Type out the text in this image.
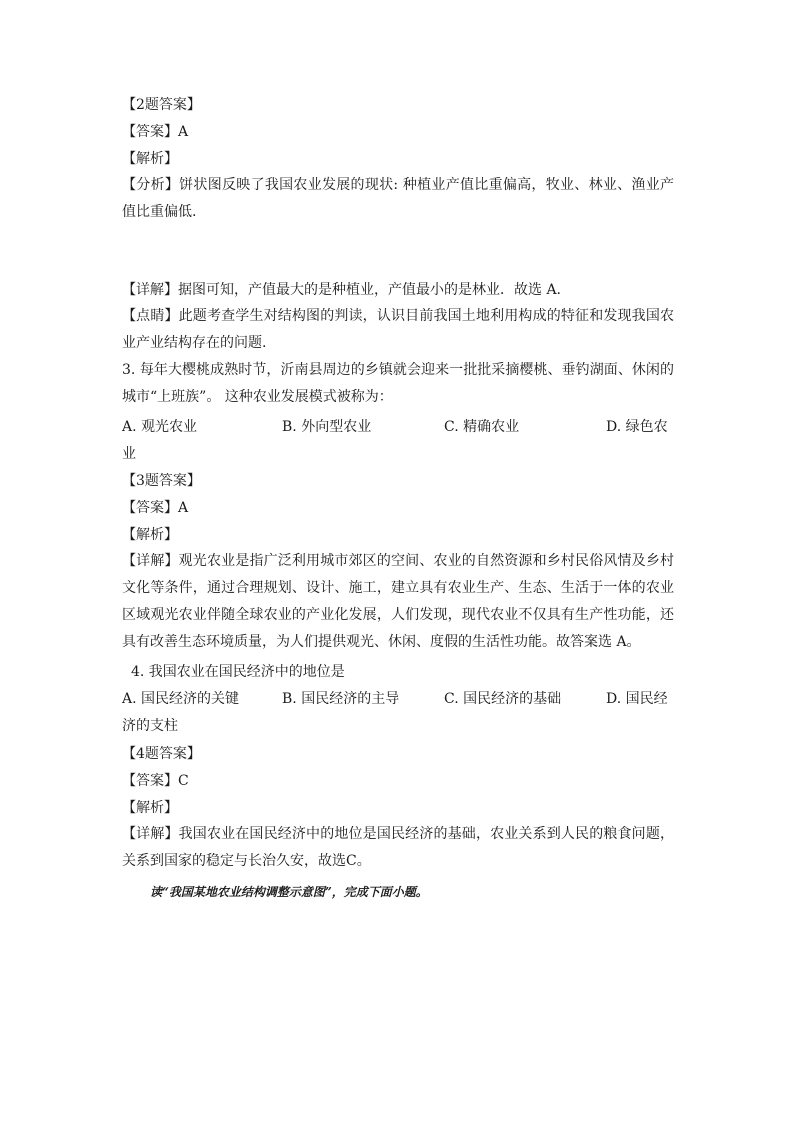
【2题答案】
【答案】A
【解析】
【分析】饼状图反映了我国农业发展的现状: 种植业产值比重偏高，牧业、林业、渔业产值比重偏低.
【详解】据图可知，产值最大的是种植业，产值最小的是林业．故选 A.
【点睛】此题考查学生对结构图的判读，认识目前我国土地利用构成的特征和发现我国农业产业结构存在的问题.
3. 每年大樱桃成熟时节，沂南县周边的乡镇就会迎来一批批采摘樱桃、垂钓湖面、休闲的城市“上班族”。 这种农业发展模式被称为：
A. 观光农业	B. 外向型农业	C. 精确农业	D. 绿色农
业
【3题答案】
【答案】A
【解析】
【详解】观光农业是指广泛利用城市郊区的空间、农业的自然资源和乡村民俗风情及乡村文化等条件，通过合理规划、设计、施工，建立具有农业生产、生态、生活于一体的农业区域观光农业伴随全球农业的产业化发展，人们发现，现代农业不仅具有生产性功能，还具有改善生态环境质量，为人们提供观光、休闲、度假的生活性功能。故答案选 A。
4. 我国农业在国民经济中的地位是
A. 国民经济的关键	B. 国民经济的主导	C. 国民经济的基础	D. 国民经
济的支柱
【4题答案】
【答案】C
【解析】
【详解】我国农业在国民经济中的地位是国民经济的基础，农业关系到人民的粮食问题，关系到国家的稳定与长治久安，故选C。
读“我国某地农业结构调整示意图”，完成下面小题。
